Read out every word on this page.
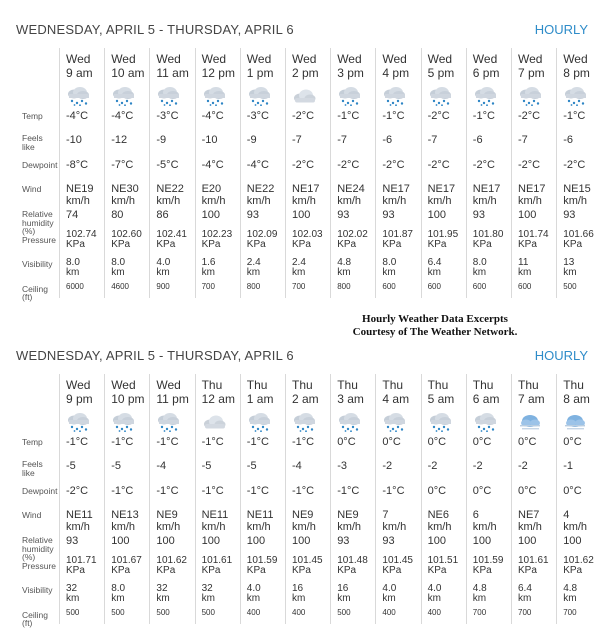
WEDNESDAY, APRIL 5 - THURSDAY, APRIL 6	HOURLY
Temp
Feels
like
Dewpoint
Wind
Relative
humidity
(%)
Pressure
Visibility
Ceiling
(ft)
Wed
9 am
-4°C
-10
-8°C
NE19
km/h
74
102.74
KPa
8.0
km
6000
Wed
10 am
-4°C
-12
-7°C
NE30
km/h
80
102.60
KPa
8.0
km
4600
Wed
11 am
-3°C
-9
-5°C
NE22
km/h
86
102.41
KPa
4.0
km
900
Wed
12 pm
-4°C
-10
-4°C
E20
km/h
100
102.23
KPa
1.6
km
700
Wed
1 pm
-3°C
-9
-4°C
NE22
km/h
93
102.09
KPa
2.4
km
800
Wed
2 pm
-2°C
-7
-2°C
NE17
km/h
100
102.03
KPa
2.4
km
700
Wed
3 pm
-1°C
-7
-2°C
NE24
km/h
93
102.02
KPa
4.8
km
800
Wed
4 pm
-1°C
-6
-2°C
NE17
km/h
93
101.87
KPa
8.0
km
600
Wed
5 pm
-2°C
-7
-2°C
NE17
km/h
100
101.95
KPa
6.4
km
600
Wed
6 pm
-1°C
-6
-2°C
NE17
km/h
93
101.80
KPa
8.0
km
600
Wed
7 pm
-2°C
-7
-2°C
NE17
km/h
100
101.74
KPa
11
km
600
Wed
8 pm
-1°C
-6
-2°C
NE15
km/h
93
101.66
KPa
13
km
500
WEDNESDAY, APRIL 5 - THURSDAY, APRIL 6	HOURLY
Temp
Feels
like
Dewpoint
Wind
Relative
humidity
(%)
Pressure
Visibility
Ceiling
(ft)
Wed
9 pm
-1°C
-5
-2°C
NE11
km/h
93
101.71
KPa
32
km
500
Wed
10 pm
-1°C
-5
-1°C
NE13
km/h
100
101.67
KPa
8.0
km
500
Wed
11 pm
-1°C
-4
-1°C
NE9
km/h
100
101.62
KPa
32
km
500
Thu
12 am
-1°C
-5
-1°C
NE11
km/h
100
101.61
KPa
32
km
500
Thu
1 am
-1°C
-5
-1°C
NE11
km/h
100
101.59
KPa
4.0
km
400
Thu
2 am
-1°C
-4
-1°C
NE9
km/h
100
101.45
KPa
16
km
400
Thu
3 am
0°C
-3
-1°C
NE9
km/h
93
101.48
KPa
16
km
500
Thu
4 am
0°C
-2
-1°C
7
km/h
93
101.45
KPa
4.0
km
400
Thu
5 am
0°C
-2
0°C
NE6
km/h
100
101.51
KPa
4.0
km
400
Thu
6 am
0°C
-2
0°C
6
km/h
100
101.59
KPa
4.8
km
700
Thu
7 am
0°C
-2
0°C
NE7
km/h
100
101.61
KPa
6.4
km
700
Thu
8 am
0°C
-1
0°C
4
km/h
100
101.62
KPa
4.8
km
700
Hourly Weather Data Excerpts
Courtesy of The Weather Network.
